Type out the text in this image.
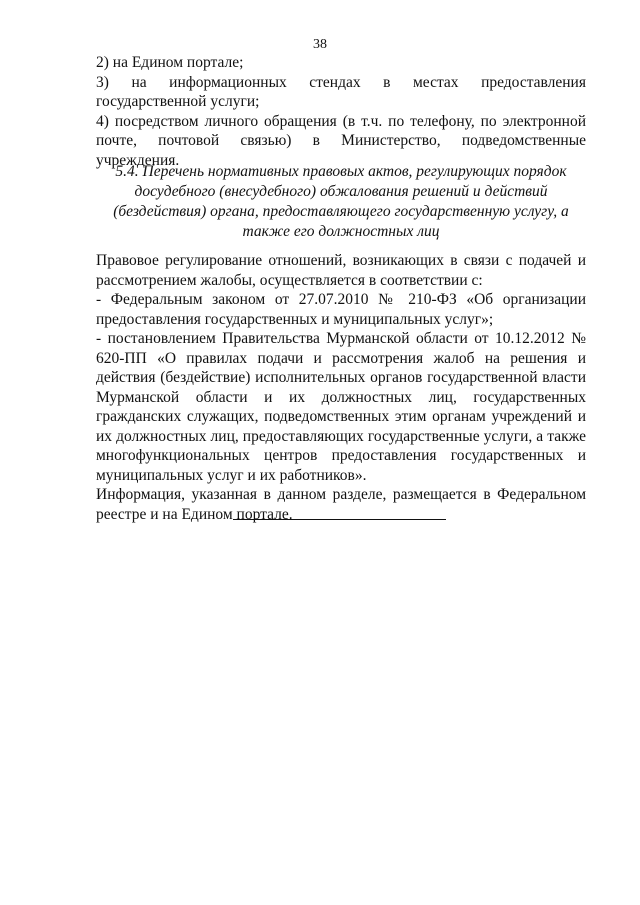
38

2) на Едином портале;

3) на информационных стендах в местах предоставления государственной услуги;

4) посредством личного обращения (в т.ч. по телефону, по электронной почте, почтовой связью) в Министерство, подведомственные учреждения.

5.4. Перечень нормативных правовых актов, регулирующих порядок досудебного (внесудебного) обжалования решений и действий (бездействия) органа, предоставляющего государственную услугу, а также его должностных лиц

Правовое регулирование отношений, возникающих в связи с подачей и рассмотрением жалобы, осуществляется в соответствии с:

- Федеральным законом от 27.07.2010 № 210-ФЗ «Об организации предоставления государственных и муниципальных услуг»;

- постановлением Правительства Мурманской области от 10.12.2012 № 620-ПП «О правилах подачи и рассмотрения жалоб на решения и действия (бездействие) исполнительных органов государственной власти Мурманской области и их должностных лиц, государственных гражданских служащих, подведомственных этим органам учреждений и их должностных лиц, предоставляющих государственные услуги, а также многофункциональных центров предоставления государственных и муниципальных услуг и их работников».

Информация, указанная в данном разделе, размещается в Федеральном реестре и на Едином портале.
